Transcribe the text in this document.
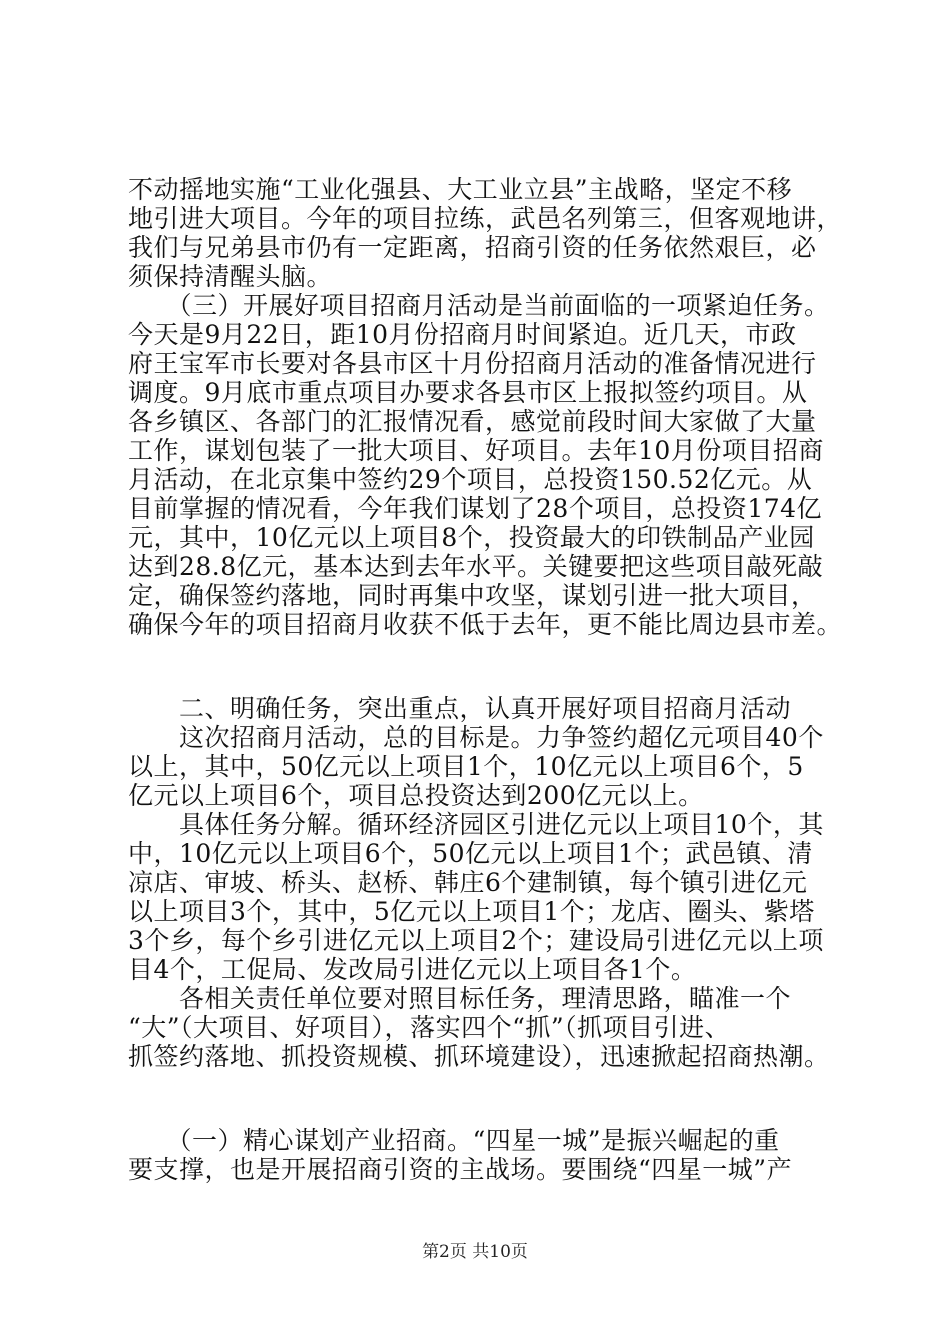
不动摇地实施“工业化强县、大工业立县”主战略，坚定不移
地引进大项目。今年的项目拉练，武邑名列第三，但客观地讲，
我们与兄弟县市仍有一定距离，招商引资的任务依然艰巨，必
须保持清醒头脑。
　　（三）开展好项目招商月活动是当前面临的一项紧迫任务。
今天是9月22日，距10月份招商月时间紧迫。近几天，市政
府王宝军市长要对各县市区十月份招商月活动的准备情况进行
调度。9月底市重点项目办要求各县市区上报拟签约项目。从
各乡镇区、各部门的汇报情况看，感觉前段时间大家做了大量
工作，谋划包装了一批大项目、好项目。去年10月份项目招商
月活动，在北京集中签约29个项目，总投资150.52亿元。从
目前掌握的情况看，今年我们谋划了28个项目，总投资174亿
元，其中，10亿元以上项目8个，投资最大的印铁制品产业园
达到28.8亿元，基本达到去年水平。关键要把这些项目敲死敲
定，确保签约落地，同时再集中攻坚，谋划引进一批大项目，
确保今年的项目招商月收获不低于去年，更不能比周边县市差。
　　二、明确任务，突出重点，认真开展好项目招商月活动
　　这次招商月活动，总的目标是。力争签约超亿元项目40个
以上，其中，50亿元以上项目1个，10亿元以上项目6个，5
亿元以上项目6个，项目总投资达到200亿元以上。
　　具体任务分解。循环经济园区引进亿元以上项目10个，其
中，10亿元以上项目6个，50亿元以上项目1个；武邑镇、清
凉店、审坡、桥头、赵桥、韩庄6个建制镇，每个镇引进亿元
以上项目3个，其中，5亿元以上项目1个；龙店、圈头、紫塔
3个乡，每个乡引进亿元以上项目2个；建设局引进亿元以上项
目4个，工促局、发改局引进亿元以上项目各1个。
　　各相关责任单位要对照目标任务，理清思路，瞄准一个
“大”（大项目、好项目），落实四个“抓”（抓项目引进、
抓签约落地、抓投资规模、抓环境建设），迅速掀起招商热潮。
　　（一）精心谋划产业招商。“四星一城”是振兴崛起的重
要支撑，也是开展招商引资的主战场。要围绕“四星一城”产
第2页 共10页
